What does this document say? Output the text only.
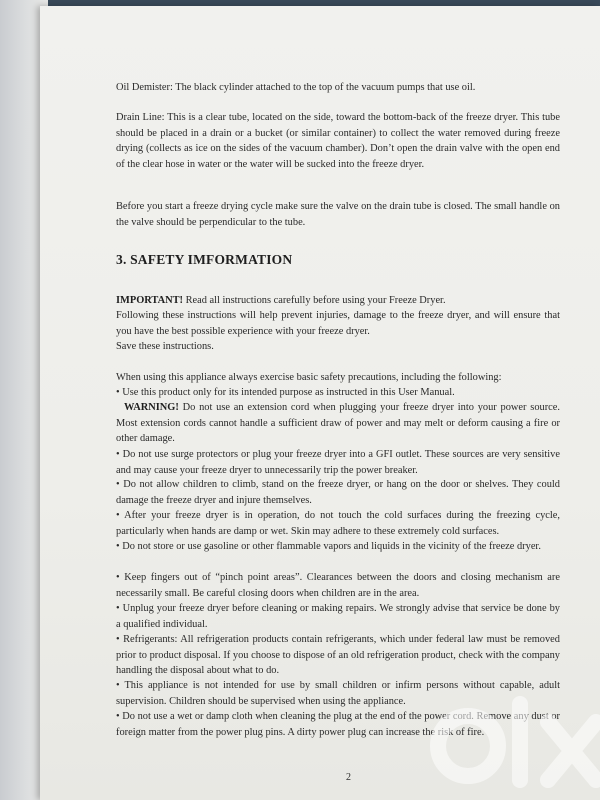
Oil Demister: The black cylinder attached to the top of the vacuum pumps that use oil.

Drain Line: This is a clear tube, located on the side, toward the bottom-back of the freeze dryer. This tube should be placed in a drain or a bucket (or similar container) to collect the water removed during freeze drying (collects as ice on the sides of the vacuum chamber). Don’t open the drain valve with the open end of the clear hose in water or the water will be sucked into the freeze dryer.

Before you start a freeze drying cycle make sure the valve on the drain tube is closed. The small handle on the valve should be perpendicular to the tube.

3. SAFETY IMFORMATION

IMPORTANT! Read all instructions carefully before using your Freeze Dryer.

Following these instructions will help prevent injuries, damage to the freeze dryer, and will ensure that you have the best possible experience with your freeze dryer.

Save these instructions.

When using this appliance always exercise basic safety precautions, including the following:

• Use this product only for its intended purpose as instructed in this User Manual.

WARNING! Do not use an extension cord when plugging your freeze dryer into your power source. Most extension cords cannot handle a sufficient draw of power and may melt or deform causing a fire or other damage.

• Do not use surge protectors or plug your freeze dryer into a GFI outlet. These sources are very sensitive and may cause your freeze dryer to unnecessarily trip the power breaker.

• Do not allow children to climb, stand on the freeze dryer, or hang on the door or shelves. They could damage the freeze dryer and injure themselves.

• After your freeze dryer is in operation, do not touch the cold surfaces during the freezing cycle, particularly when hands are damp or wet. Skin may adhere to these extremely cold surfaces.

• Do not store or use gasoline or other flammable vapors and liquids in the vicinity of the freeze dryer.

• Keep fingers out of “pinch point areas”. Clearances between the doors and closing mechanism are necessarily small. Be careful closing doors when children are in the area.

• Unplug your freeze dryer before cleaning or making repairs. We strongly advise that service be done by a qualified individual.

• Refrigerants: All refrigeration products contain refrigerants, which under federal law must be removed prior to product disposal. If you choose to dispose of an old refrigeration product, check with the company handling the disposal about what to do.

• This appliance is not intended for use by small children or infirm persons without capable, adult supervision. Children should be supervised when using the appliance.

• Do not use a wet or damp cloth when cleaning the plug at the end of the power cord. Remove any dust or foreign matter from the power plug pins. A dirty power plug can increase the risk of fire.

2
